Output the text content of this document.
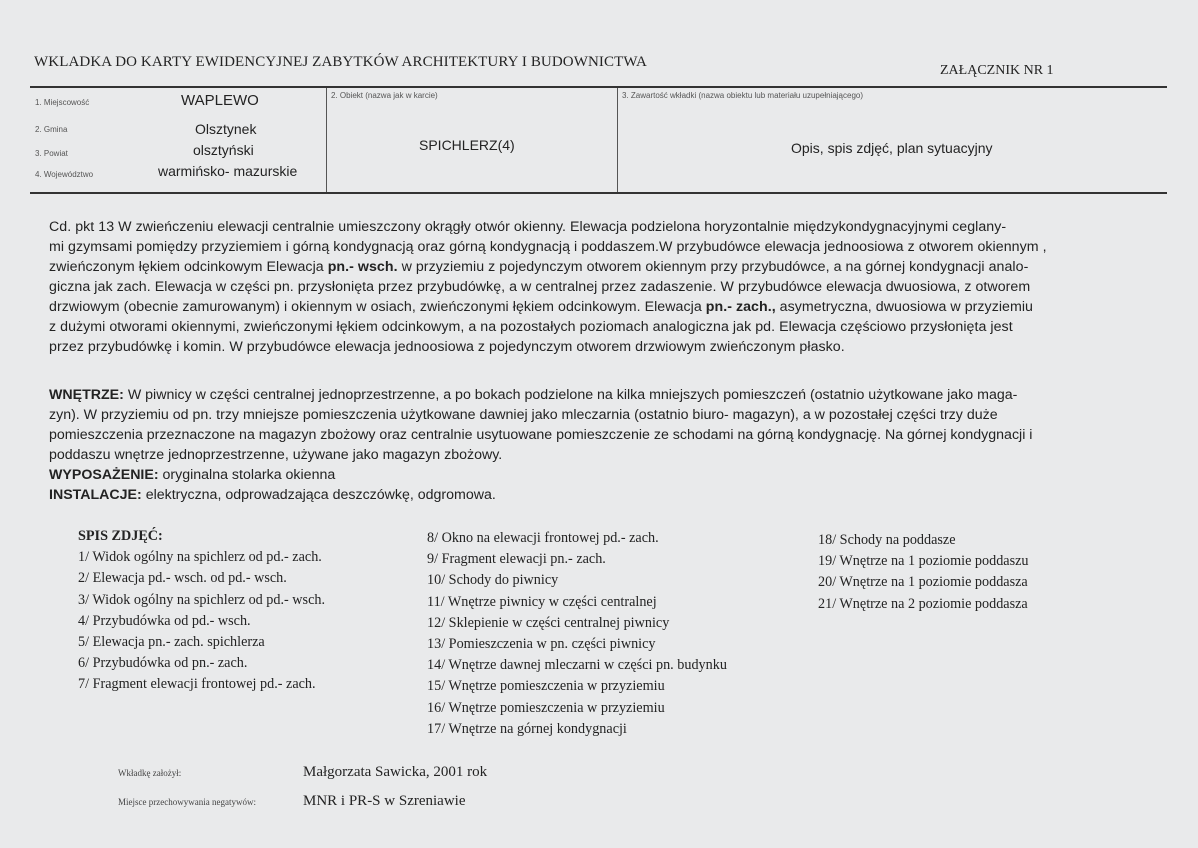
WKLADKA DO KARTY EWIDENCYJNEJ ZABYTKÓW ARCHITEKTURY I BUDOWNICTWA
ZAŁĄCZNIK NR 1
1. Miejscowość
2. Gmina
3. Powiat
4. Województwo
WAPLEWO
Olsztynek
olsztyński
warmińsko- mazurskie
2. Obiekt (nazwa jak w karcie)
SPICHLERZ(4)
3. Zawartość wkładki (nazwa obiektu lub materiału uzupełniającego)
Opis, spis zdjęć, plan sytuacyjny
Cd. pkt 13 W zwieńczeniu elewacji centralnie umieszczony okrągły otwór okienny. Elewacja podzielona horyzontalnie międzykondygnacyjnymi ceglany-
mi gzymsami pomiędzy przyziemiem i górną kondygnacją oraz górną kondygnacją i poddaszem.W przybudówce elewacja jednoosiowa z otworem okiennym ,
zwieńczonym łękiem odcinkowym Elewacja pn.- wsch. w przyziemiu z pojedynczym otworem okiennym przy przybudówce, a na górnej kondygnacji analo-
giczna jak zach. Elewacja w części pn. przysłonięta przez przybudówkę, a w centralnej przez zadaszenie. W przybudówce elewacja dwuosiowa, z otworem
drzwiowym (obecnie zamurowanym) i okiennym w osiach, zwieńczonymi łękiem odcinkowym. Elewacja pn.- zach., asymetryczna, dwuosiowa w przyziemiu
z dużymi otworami okiennymi, zwieńczonymi łękiem odcinkowym, a na pozostałych poziomach analogiczna jak pd. Elewacja częściowo przysłonięta jest
przez przybudówkę i komin. W przybudówce elewacja jednoosiowa z pojedynczym otworem drzwiowym zwieńczonym płasko.
WNĘTRZE: W piwnicy w części centralnej jednoprzestrzenne, a po bokach podzielone na kilka mniejszych pomieszczeń (ostatnio użytkowane jako maga-
zyn). W przyziemiu od pn. trzy mniejsze pomieszczenia użytkowane dawniej jako mleczarnia (ostatnio biuro- magazyn), a w pozostałej części trzy duże
pomieszczenia przeznaczone na magazyn zbożowy oraz centralnie usytuowane pomieszczenie ze schodami na górną kondygnację. Na górnej kondygnacji i
poddaszu wnętrze jednoprzestrzenne, używane jako magazyn zbożowy.
WYPOSAŻENIE: oryginalna stolarka okienna
INSTALACJE: elektryczna, odprowadzająca deszczówkę, odgromowa.
SPIS ZDJĘĆ:
1/ Widok ogólny na spichlerz od pd.- zach.
2/ Elewacja pd.- wsch. od pd.- wsch.
3/ Widok ogólny na spichlerz od pd.- wsch.
4/ Przybudówka od pd.- wsch.
5/ Elewacja pn.- zach. spichlerza
6/ Przybudówka od pn.- zach.
7/ Fragment elewacji frontowej pd.- zach.
8/ Okno na elewacji frontowej pd.- zach.
9/ Fragment elewacji pn.- zach.
10/ Schody do piwnicy
11/ Wnętrze piwnicy w części centralnej
12/ Sklepienie w części centralnej piwnicy
13/ Pomieszczenia w pn. części piwnicy
14/ Wnętrze dawnej mleczarni w części pn. budynku
15/ Wnętrze pomieszczenia w przyziemiu
16/ Wnętrze pomieszczenia w przyziemiu
17/ Wnętrze na górnej kondygnacji
18/ Schody na poddasze
19/ Wnętrze na 1 poziomie poddaszu
20/ Wnętrze na 1 poziomie poddasza
21/ Wnętrze na 2 poziomie poddasza
Wkładkę założył:	Małgorzata Sawicka, 2001 rok
Miejsce przechowywania negatywów:	MNR i PR-S w Szreniawie
